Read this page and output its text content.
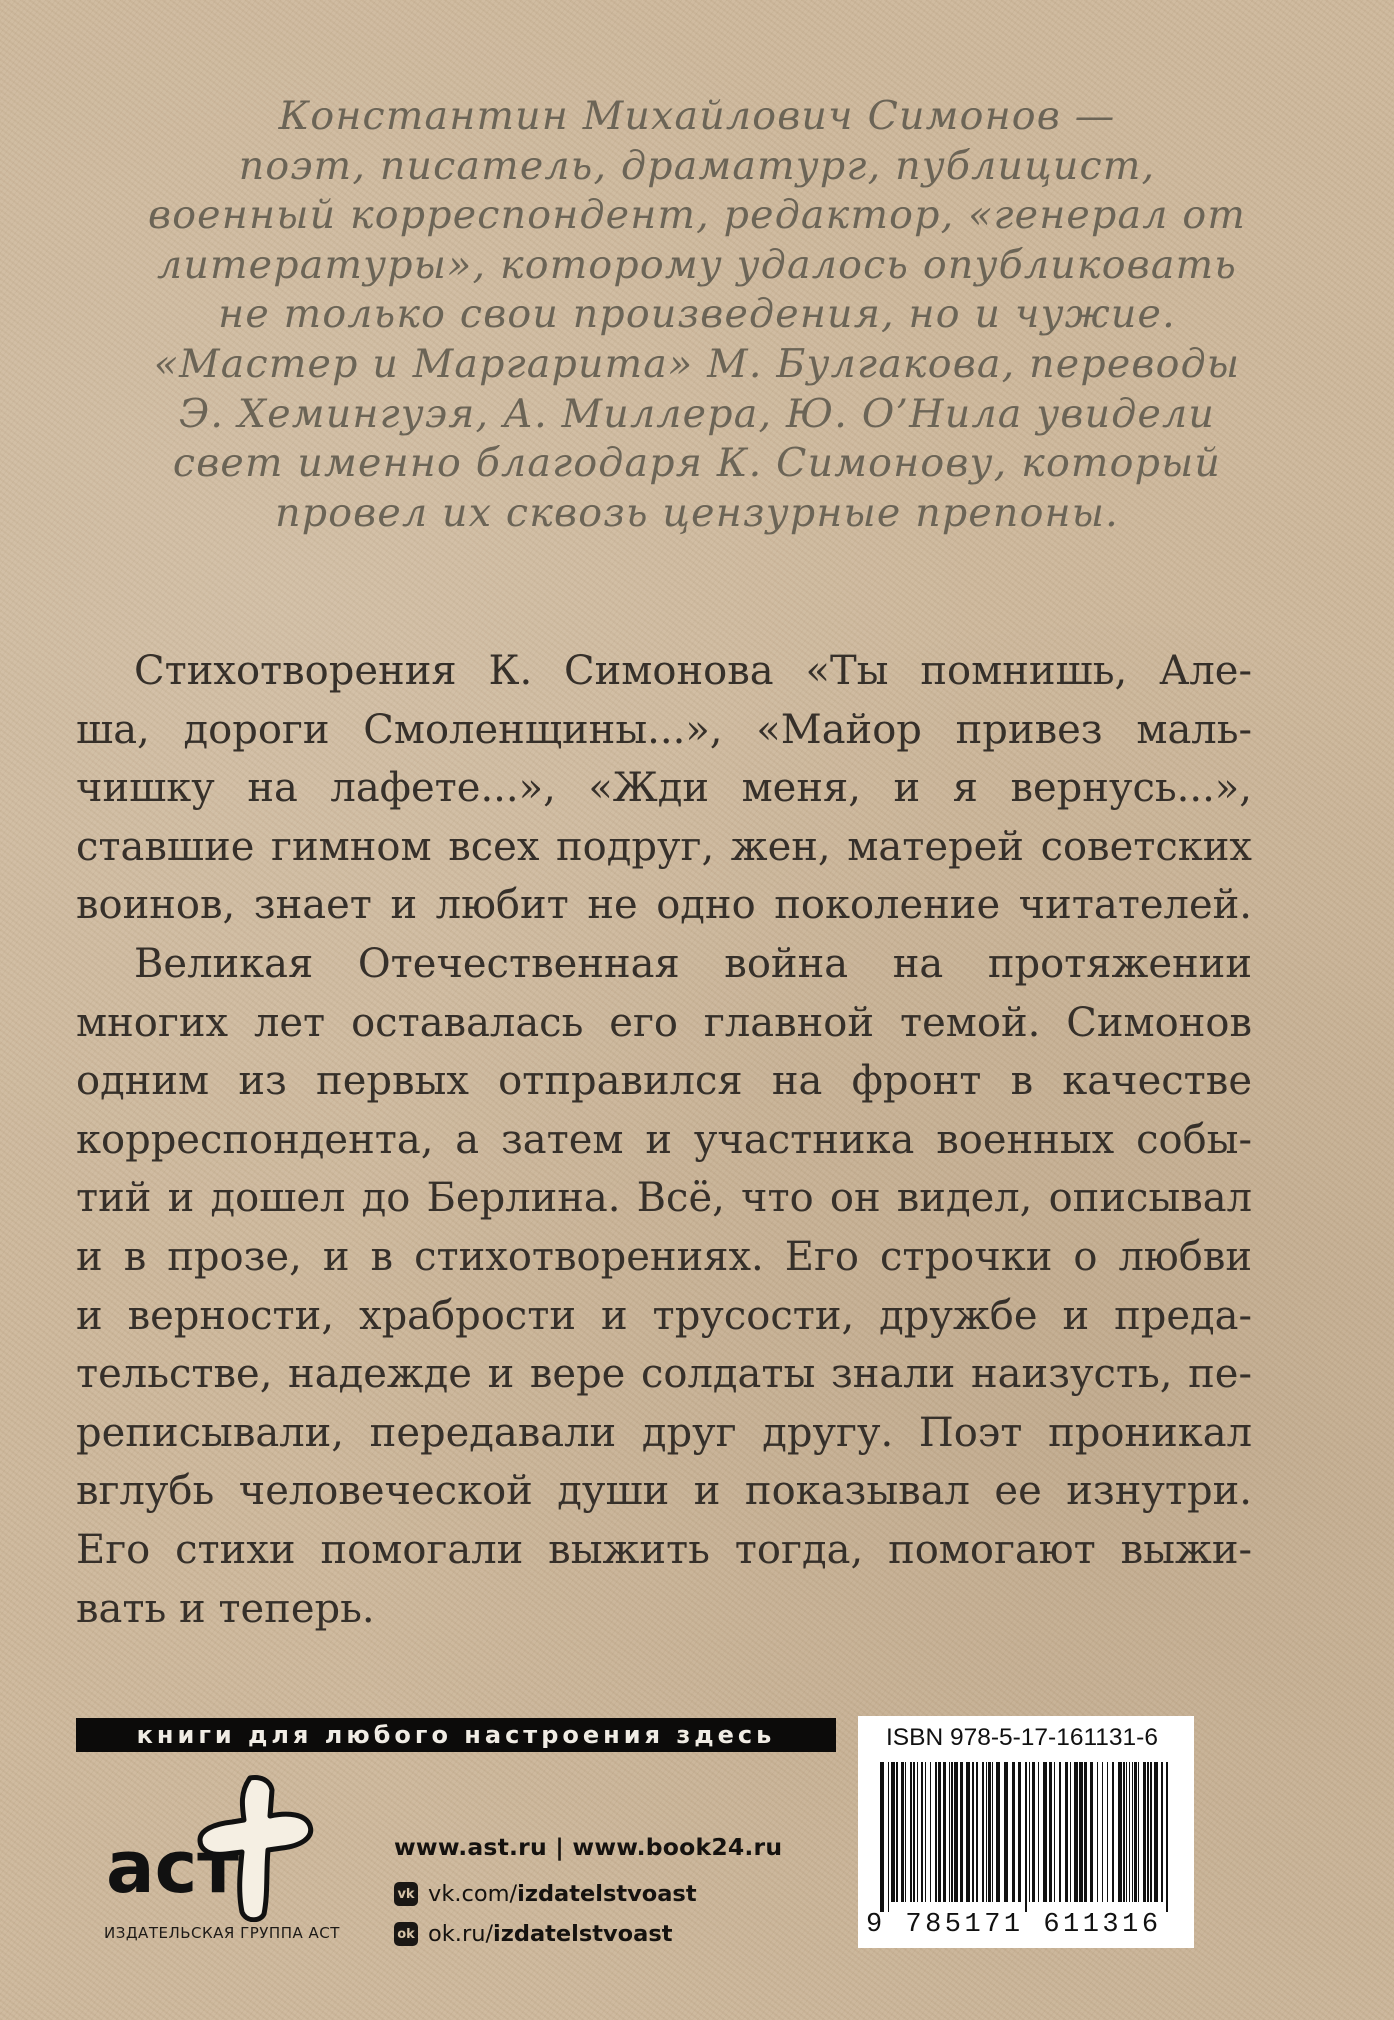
Константин Михайлович Симонов —
поэт, писатель, драматург, публицист,
военный корреспондент, редактор, «генерал от
литературы», которому удалось опубликовать
не только свои произведения, но и чужие.
«Мастер и Маргарита» М. Булгакова, переводы
Э. Хемингуэя, А. Миллера, Ю. О’Нила увидели
свет именно благодаря К. Симонову, который
провел их сквозь цензурные препоны.
Стихотворения К. Симонова «Ты помнишь, Але-
ша, дороги Смоленщины...», «Майор привез маль-
чишку на лафете...», «Жди меня, и я вернусь...»,
ставшие гимном всех подруг, жен, матерей советских
воинов, знает и любит не одно поколение читателей.
Великая Отечественная война на протяжении
многих лет оставалась его главной темой. Симонов
одним из первых отправился на фронт в качестве
корреспондента, а затем и участника военных собы-
тий и дошел до Берлина. Всё, что он видел, описывал
и в прозе, и в стихотворениях. Его строчки о любви
и верности, храбрости и трусости, дружбе и преда-
тельстве, надежде и вере солдаты знали наизусть, пе-
реписывали, передавали друг другу. Поэт проникал
вглубь человеческой души и показывал ее изнутри.
Его стихи помогали выжить тогда, помогают выжи-
вать и теперь.
книги для любого настроения здесь
аст
ИЗДАТЕЛЬСКАЯ ГРУППА АСТ
www.ast.ru | www.book24.ru
vk vk.com/ izdatelstvoast
ok ok.ru/ izdatelstvoast
ISBN 978-5-17-161131-6
9 785171 611316
